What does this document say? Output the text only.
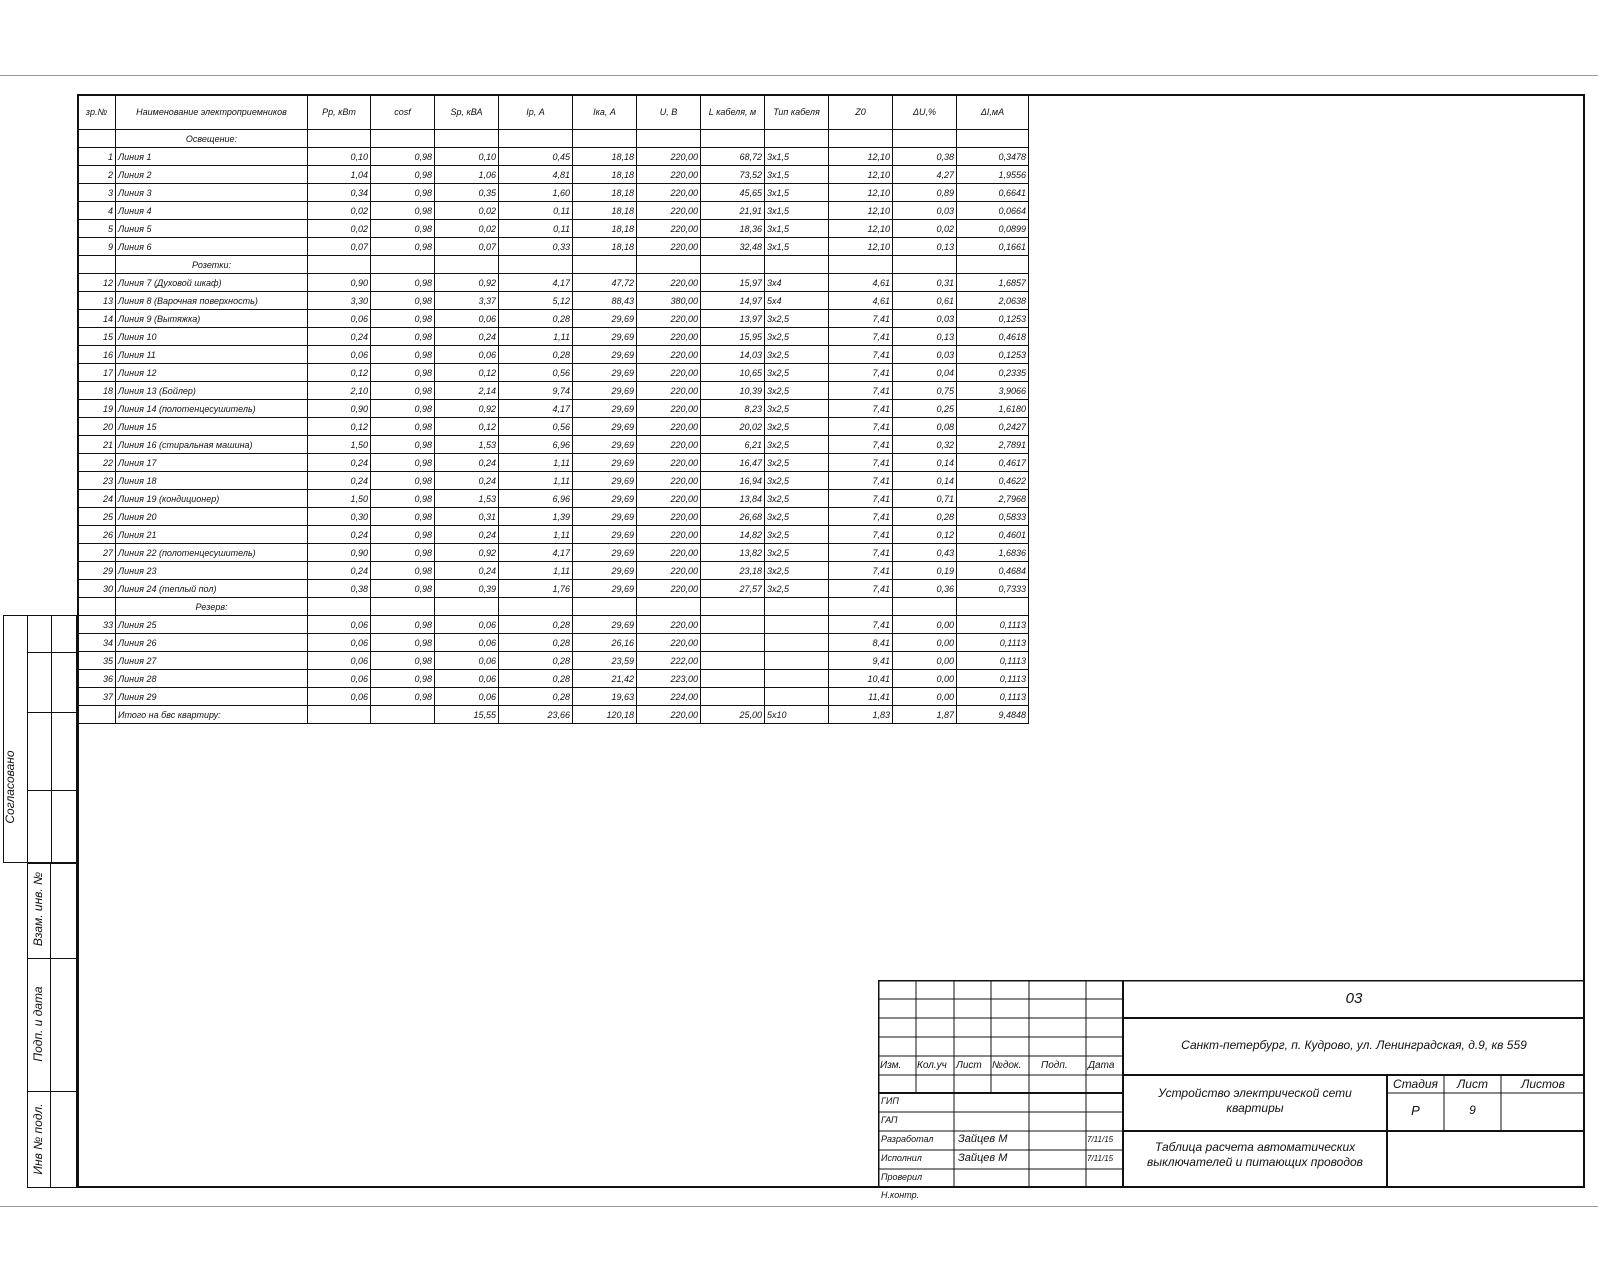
Согласовано
Взам. инв. №
Подп. и дата
Инв № подл.
зр.№	Наименование электроприемников	Pр, кВт	cosf	Sр, кВА	Iр, А	Iка, А	U, В	L кабеля, м	Тип кабеля	Z0	ΔU,%	ΔI,мА
	Освещение:											
1	Линия 1	0,10	0,98	0,10	0,45	18,18	220,00	68,72	3х1,5	12,10	0,38	0,3478
2	Линия 2	1,04	0,98	1,06	4,81	18,18	220,00	73,52	3х1,5	12,10	4,27	1,9556
3	Линия 3	0,34	0,98	0,35	1,60	18,18	220,00	45,65	3х1,5	12,10	0,89	0,6641
4	Линия 4	0,02	0,98	0,02	0,11	18,18	220,00	21,91	3х1,5	12,10	0,03	0,0664
5	Линия 5	0,02	0,98	0,02	0,11	18,18	220,00	18,36	3х1,5	12,10	0,02	0,0899
9	Линия 6	0,07	0,98	0,07	0,33	18,18	220,00	32,48	3х1,5	12,10	0,13	0,1661
	Розетки:											
12	Линия 7 (Духовой шкаф)	0,90	0,98	0,92	4,17	47,72	220,00	15,97	3х4	4,61	0,31	1,6857
13	Линия 8 (Варочная поверхность)	3,30	0,98	3,37	5,12	88,43	380,00	14,97	5х4	4,61	0,61	2,0638
14	Линия 9 (Вытяжка)	0,06	0,98	0,06	0,28	29,69	220,00	13,97	3х2,5	7,41	0,03	0,1253
15	Линия 10	0,24	0,98	0,24	1,11	29,69	220,00	15,95	3х2,5	7,41	0,13	0,4618
16	Линия 11	0,06	0,98	0,06	0,28	29,69	220,00	14,03	3х2,5	7,41	0,03	0,1253
17	Линия 12	0,12	0,98	0,12	0,56	29,69	220,00	10,65	3х2,5	7,41	0,04	0,2335
18	Линия 13 (Бойлер)	2,10	0,98	2,14	9,74	29,69	220,00	10,39	3х2,5	7,41	0,75	3,9066
19	Линия 14 (полотенцесушитель)	0,90	0,98	0,92	4,17	29,69	220,00	8,23	3х2,5	7,41	0,25	1,6180
20	Линия 15	0,12	0,98	0,12	0,56	29,69	220,00	20,02	3х2,5	7,41	0,08	0,2427
21	Линия 16 (стиральная машина)	1,50	0,98	1,53	6,96	29,69	220,00	6,21	3х2,5	7,41	0,32	2,7891
22	Линия 17	0,24	0,98	0,24	1,11	29,69	220,00	16,47	3х2,5	7,41	0,14	0,4617
23	Линия 18	0,24	0,98	0,24	1,11	29,69	220,00	16,94	3х2,5	7,41	0,14	0,4622
24	Линия 19 (кондиционер)	1,50	0,98	1,53	6,96	29,69	220,00	13,84	3х2,5	7,41	0,71	2,7968
25	Линия 20	0,30	0,98	0,31	1,39	29,69	220,00	26,68	3х2,5	7,41	0,28	0,5833
26	Линия 21	0,24	0,98	0,24	1,11	29,69	220,00	14,82	3х2,5	7,41	0,12	0,4601
27	Линия 22 (полотенцесушитель)	0,90	0,98	0,92	4,17	29,69	220,00	13,82	3х2,5	7,41	0,43	1,6836
29	Линия 23	0,24	0,98	0,24	1,11	29,69	220,00	23,18	3х2,5	7,41	0,19	0,4684
30	Линия 24 (теплый пол)	0,38	0,98	0,39	1,76	29,69	220,00	27,57	3х2,5	7,41	0,36	0,7333
	Резерв:											
33	Линия 25	0,06	0,98	0,06	0,28	29,69	220,00			7,41	0,00	0,1113
34	Линия 26	0,06	0,98	0,06	0,28	26,16	220,00			8,41	0,00	0,1113
35	Линия 27	0,06	0,98	0,06	0,28	23,59	222,00			9,41	0,00	0,1113
36	Линия 28	0,06	0,98	0,06	0,28	21,42	223,00			10,41	0,00	0,1113
37	Линия 29	0,06	0,98	0,06	0,28	19,63	224,00			11,41	0,00	0,1113
	Итого на бвс квартиру:			15,55	23,66	120,18	220,00	25,00	5х10	1,83	1,87	9,4848
03
Санкт-петербург, п. Кудрово, ул. Ленинградская, д.9, кв 559
Устройство электрической сети квартиры
Таблица расчета автоматических выключателей и питающих проводов
Стадия	Лист	Листов
Р	9
Изм. Кол.уч Лист №док. Подп. Дата
ГИП
ГАП
Разработал Зайцев М	7/11/15
Исполнил	Зайцев М	7/11/15
Проверил
Н.контр.
